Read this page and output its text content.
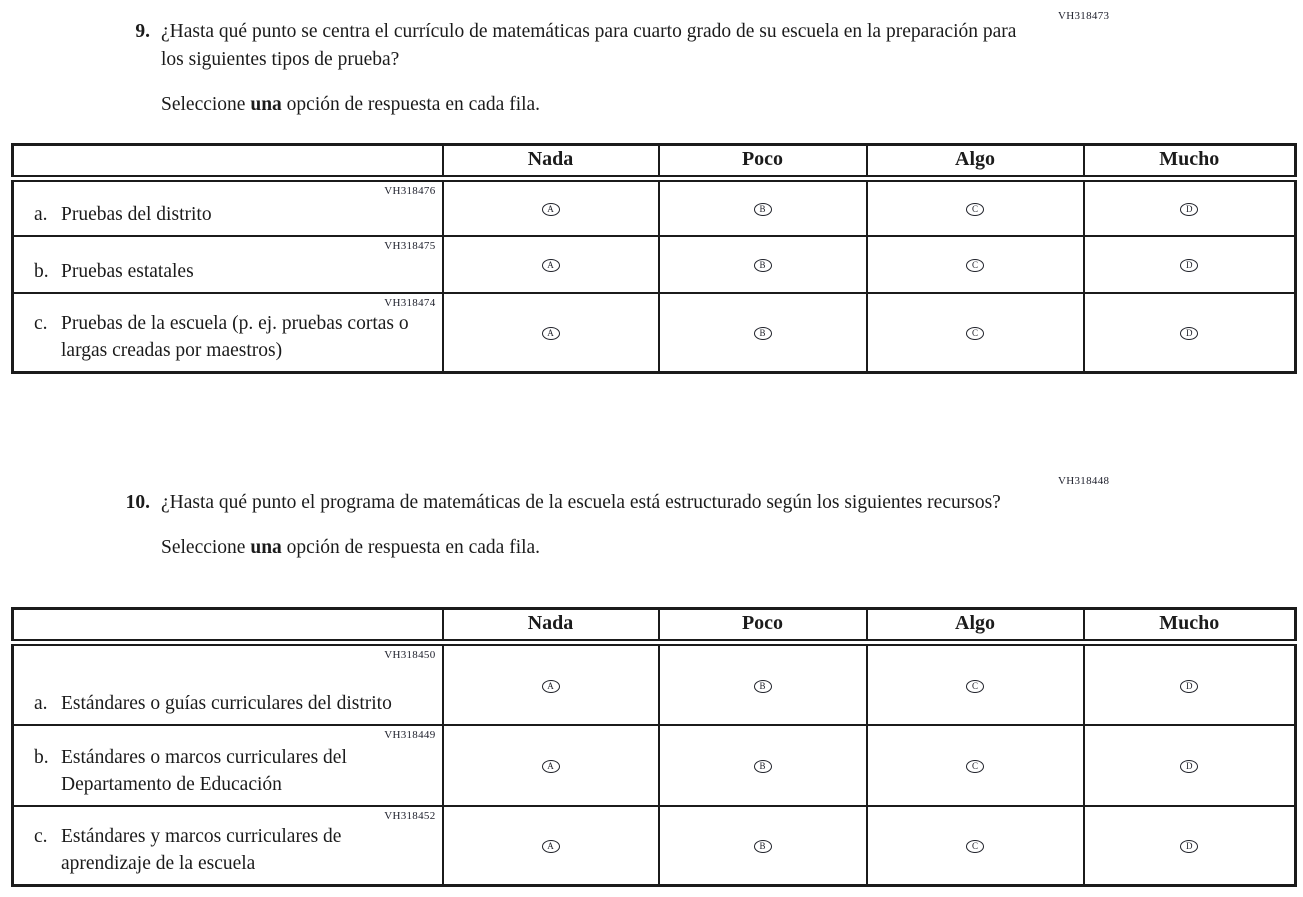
VH318473
9. ¿Hasta qué punto se centra el currículo de matemáticas para cuarto grado de su escuela en la preparación para los siguientes tipos de prueba?

Seleccione una opción de respuesta en cada fila.

	Nada	Poco	Algo	Mucho

VH318476
a. Pruebas del distrito	A	B	C	D

VH318475
b. Pruebas estatales	A	B	C	D

VH318474
c. Pruebas de la escuela (p. ej. pruebas cortas o largas creadas por maestros)	A	B	C	D
VH318448
10. ¿Hasta qué punto el programa de matemáticas de la escuela está estructurado según los siguientes recursos?

Seleccione una opción de respuesta en cada fila.

	Nada	Poco	Algo	Mucho

VH318450
a. Estándares o guías curriculares del distrito	A	B	C	D

VH318449
b. Estándares o marcos curriculares del Departamento de Educación	A	B	C	D

VH318452
c. Estándares y marcos curriculares de aprendizaje de la escuela	A	B	C	D
